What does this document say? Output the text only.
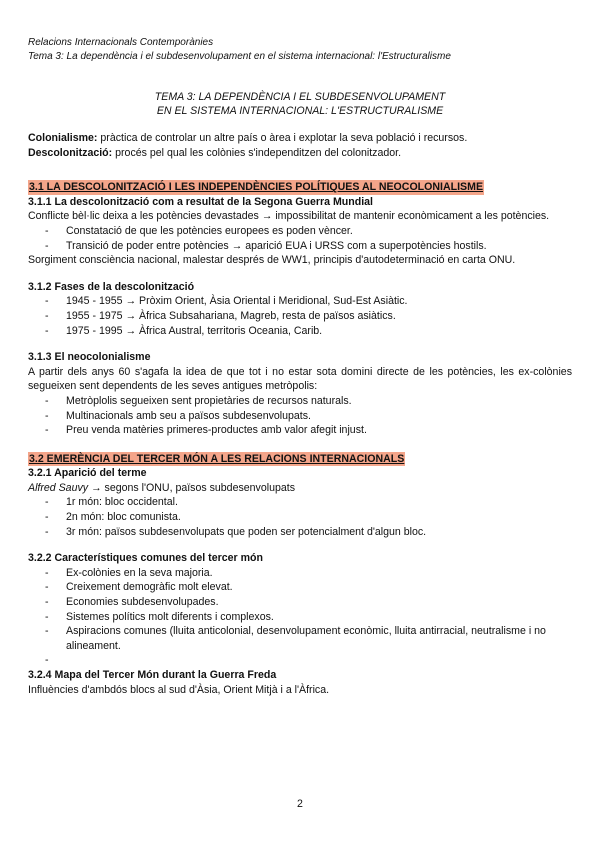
Relacions Internacionals Contemporànies
Tema 3: La dependència i el subdesenvolupament en el sistema internacional: l'Estructuralisme
TEMA 3: LA DEPENDÈNCIA I EL SUBDESENVOLUPAMENT
EN EL SISTEMA INTERNACIONAL: L'ESTRUCTURALISME
Colonialisme: pràctica de controlar un altre país o àrea i explotar la seva població i recursos.
Descolonització: procés pel qual les colònies s'independitzen del colonitzador.
3.1 LA DESCOLONITZACIÓ I LES INDEPENDÈNCIES POLÍTIQUES AL NEOCOLONIALISME
3.1.1 La descolonització com a resultat de la Segona Guerra Mundial
Conflicte bèl·lic deixa a les potències devastades → impossibilitat de mantenir econòmicament a les potències.
- Constatació de que les potències europees es poden vèncer.
- Transició de poder entre potències → aparició EUA i URSS com a superpotències hostils.
Sorgiment consciència nacional, malestar després de WW1, principis d'autodeterminació en carta ONU.
3.1.2 Fases de la descolonització
- 1945 - 1955 → Pròxim Orient, Àsia Oriental i Meridional, Sud-Est Asiàtic.
- 1955 - 1975 → Àfrica Subsahariana, Magreb, resta de països asiàtics.
- 1975 - 1995 → Àfrica Austral, territoris Oceania, Carib.
3.1.3 El neocolonialisme
A partir dels anys 60 s'agafa la idea de que tot i no estar sota domini directe de les potències, les ex-colònies segueixen sent dependents de les seves antigues metròpolis:
- Metròplolis segueixen sent propietàries de recursos naturals.
- Multinacionals amb seu a països subdesenvolupats.
- Preu venda matèries primeres-productes amb valor afegit injust.
3.2 EMERÈNCIA DEL TERCER MÓN A LES RELACIONS INTERNACIONALS
3.2.1 Aparició del terme
Alfred Sauvy → segons l'ONU, països subdesenvolupats
- 1r món: bloc occidental.
- 2n món: bloc comunista.
- 3r món: països subdesenvolupats que poden ser potencialment d'algun bloc.
3.2.2 Característiques comunes del tercer món
- Ex-colònies en la seva majoria.
- Creixement demogràfic molt elevat.
- Economies subdesenvolupades.
- Sistemes polítics molt diferents i complexos.
- Aspiracions comunes (lluita anticolonial, desenvolupament econòmic, lluita antirracial, neutralisme i no alineament.
-
3.2.4 Mapa del Tercer Món durant la Guerra Freda
Influències d'ambdós blocs al sud d'Àsia, Orient Mitjà i a l'Àfrica.
2
